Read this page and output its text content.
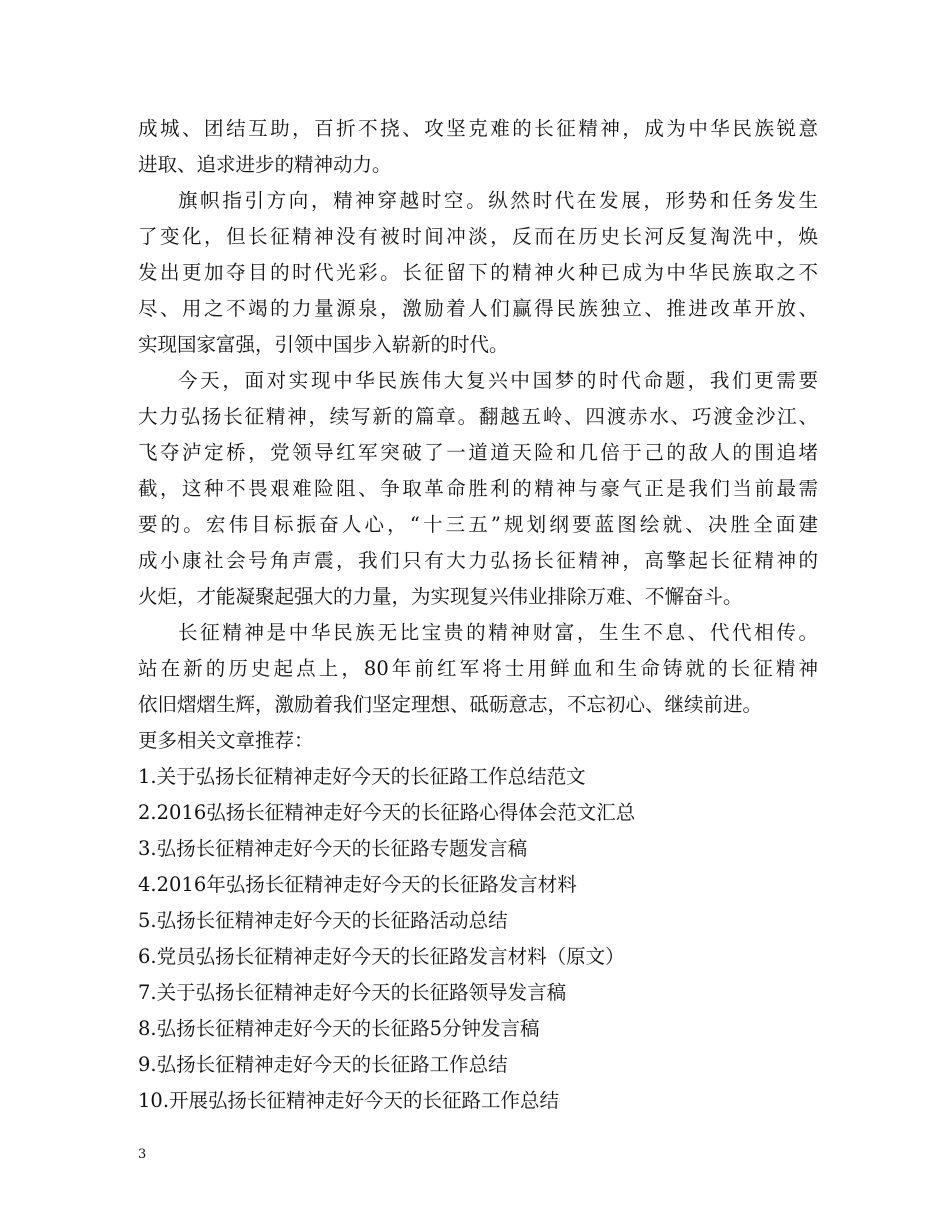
成城、团结互助，百折不挠、攻坚克难的长征精神，成为中华民族锐意
进取、追求进步的精神动力。
旗帜指引方向，精神穿越时空。纵然时代在发展，形势和任务发生
了变化，但长征精神没有被时间冲淡，反而在历史长河反复淘洗中，焕
发出更加夺目的时代光彩。长征留下的精神火种已成为中华民族取之不
尽、用之不竭的力量源泉，激励着人们赢得民族独立、推进改革开放、
实现国家富强，引领中国步入崭新的时代。
今天，面对实现中华民族伟大复兴中国梦的时代命题，我们更需要
大力弘扬长征精神，续写新的篇章。翻越五岭、四渡赤水、巧渡金沙江、
飞夺泸定桥，党领导红军突破了一道道天险和几倍于己的敌人的围追堵
截，这种不畏艰难险阻、争取革命胜利的精神与豪气正是我们当前最需
要的。宏伟目标振奋人心，“十三五”规划纲要蓝图绘就、决胜全面建
成小康社会号角声震，我们只有大力弘扬长征精神，高擎起长征精神的
火炬，才能凝聚起强大的力量，为实现复兴伟业排除万难、不懈奋斗。
长征精神是中华民族无比宝贵的精神财富，生生不息、代代相传。
站在新的历史起点上，80年前红军将士用鲜血和生命铸就的长征精神
依旧熠熠生辉，激励着我们坚定理想、砥砺意志，不忘初心、继续前进。
更多相关文章推荐：
1.关于弘扬长征精神走好今天的长征路工作总结范文
2.2016弘扬长征精神走好今天的长征路心得体会范文汇总
3.弘扬长征精神走好今天的长征路专题发言稿
4.2016年弘扬长征精神走好今天的长征路发言材料
5.弘扬长征精神走好今天的长征路活动总结
6.党员弘扬长征精神走好今天的长征路发言材料（原文）
7.关于弘扬长征精神走好今天的长征路领导发言稿
8.弘扬长征精神走好今天的长征路5分钟发言稿
9.弘扬长征精神走好今天的长征路工作总结
10.开展弘扬长征精神走好今天的长征路工作总结
3
